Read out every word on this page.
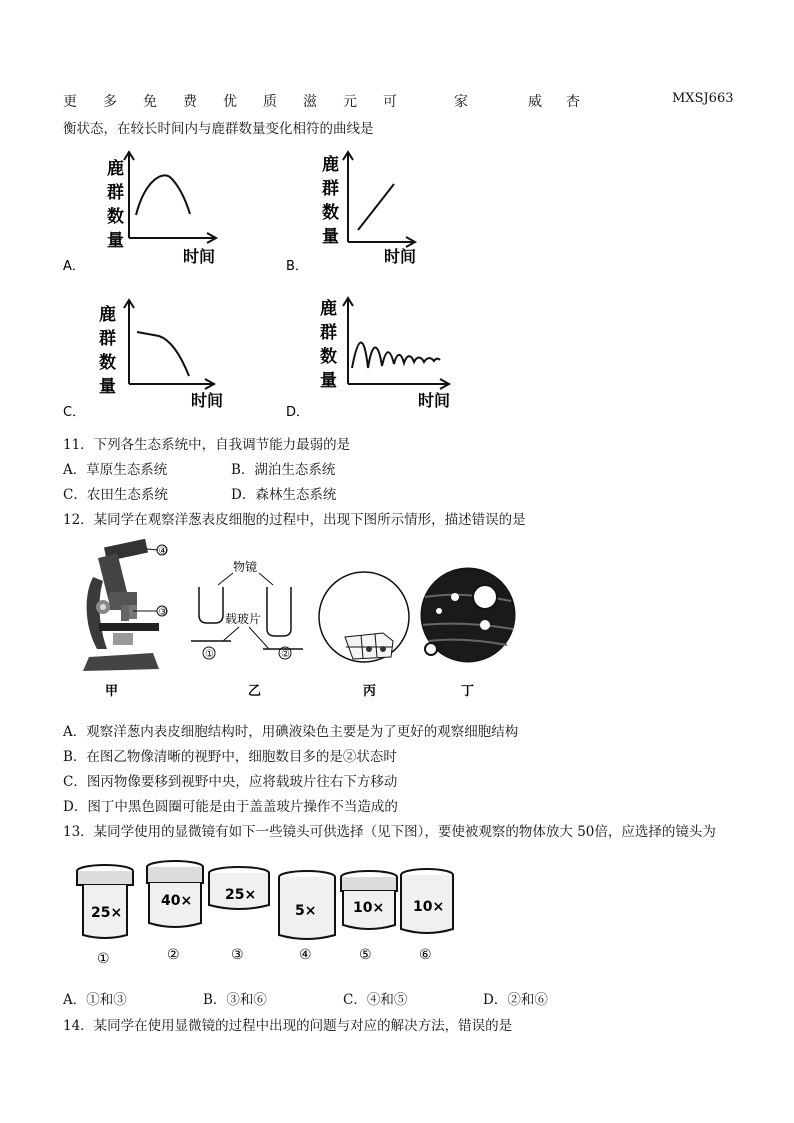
更 多 免 费 优 质 滋 元 可	家	威 杏	MXSJ663
衡状态，在较长时间内与鹿群数量变化相符的曲线是
鹿
群
数
量
时间
A．
鹿
群
数
量
时间
B．
鹿
群
数
量
时间
C．
鹿
群
数
量
时间
D．
11．下列各生态系统中，自我调节能力最弱的是
A．草原生态系统	B．湖泊生态系统
C．农田生态系统	D．森林生态系统
12．某同学在观察洋葱表皮细胞的过程中，出现下图所示情形，描述错误的是
④
③
甲
物镜
载玻片
①	②
乙	丙	丁
A．观察洋葱内表皮细胞结构时，用碘液染色主要是为了更好的观察细胞结构
B．在图乙物像清晰的视野中，细胞数目多的是②状态时
C．图丙物像要移到视野中央，应将载玻片往右下方移动
D．图丁中黑色圆圈可能是由于盖盖玻片操作不当造成的
13．某同学使用的显微镜有如下一些镜头可供选择（见下图），要使被观察的物体放大 50倍，应选择的镜头为
25×
①
40×
②
25×
③
5×
④
10×
⑤
10×
⑥
A．①和③	B．③和⑥	C．④和⑤	D．②和⑥
14．某同学在使用显微镜的过程中出现的问题与对应的解决方法，错误的是
